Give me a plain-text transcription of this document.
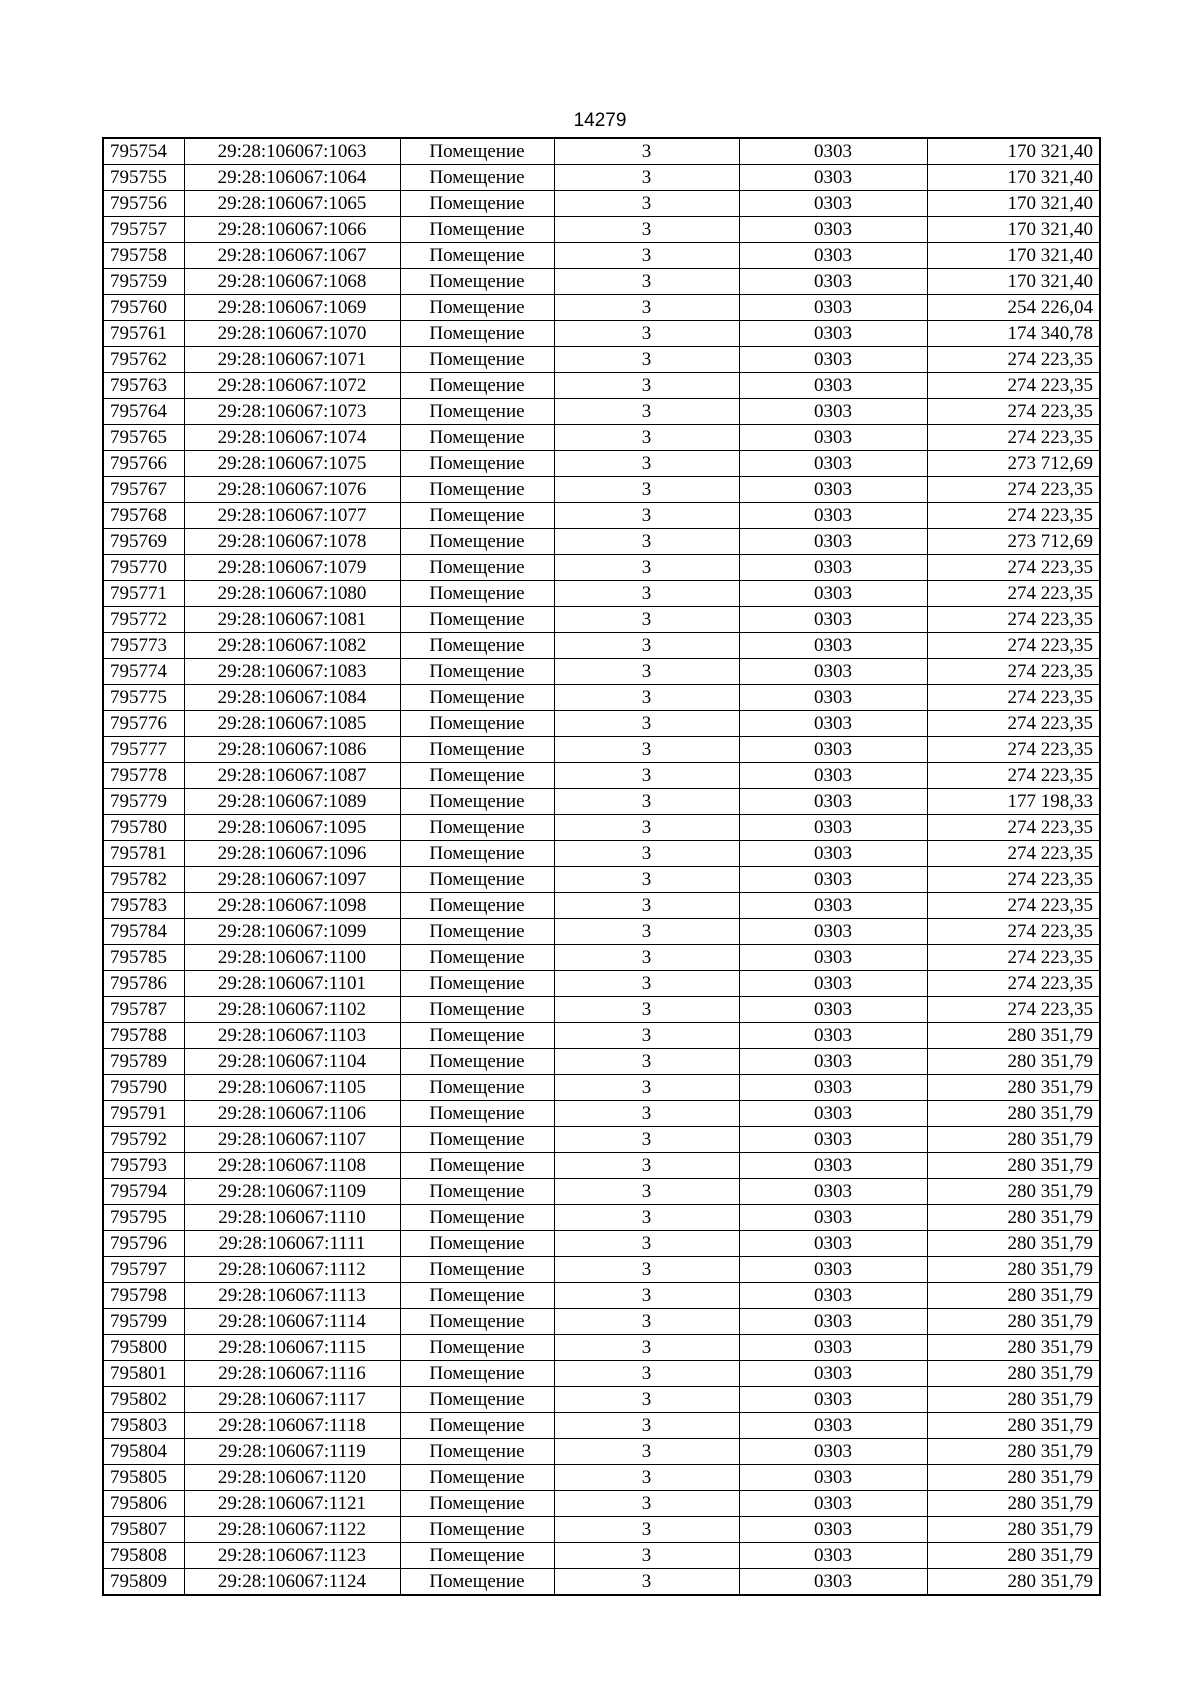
14279
795754	29:28:106067:1063	Помещение	3	0303	170 321,40
795755	29:28:106067:1064	Помещение	3	0303	170 321,40
795756	29:28:106067:1065	Помещение	3	0303	170 321,40
795757	29:28:106067:1066	Помещение	3	0303	170 321,40
795758	29:28:106067:1067	Помещение	3	0303	170 321,40
795759	29:28:106067:1068	Помещение	3	0303	170 321,40
795760	29:28:106067:1069	Помещение	3	0303	254 226,04
795761	29:28:106067:1070	Помещение	3	0303	174 340,78
795762	29:28:106067:1071	Помещение	3	0303	274 223,35
795763	29:28:106067:1072	Помещение	3	0303	274 223,35
795764	29:28:106067:1073	Помещение	3	0303	274 223,35
795765	29:28:106067:1074	Помещение	3	0303	274 223,35
795766	29:28:106067:1075	Помещение	3	0303	273 712,69
795767	29:28:106067:1076	Помещение	3	0303	274 223,35
795768	29:28:106067:1077	Помещение	3	0303	274 223,35
795769	29:28:106067:1078	Помещение	3	0303	273 712,69
795770	29:28:106067:1079	Помещение	3	0303	274 223,35
795771	29:28:106067:1080	Помещение	3	0303	274 223,35
795772	29:28:106067:1081	Помещение	3	0303	274 223,35
795773	29:28:106067:1082	Помещение	3	0303	274 223,35
795774	29:28:106067:1083	Помещение	3	0303	274 223,35
795775	29:28:106067:1084	Помещение	3	0303	274 223,35
795776	29:28:106067:1085	Помещение	3	0303	274 223,35
795777	29:28:106067:1086	Помещение	3	0303	274 223,35
795778	29:28:106067:1087	Помещение	3	0303	274 223,35
795779	29:28:106067:1089	Помещение	3	0303	177 198,33
795780	29:28:106067:1095	Помещение	3	0303	274 223,35
795781	29:28:106067:1096	Помещение	3	0303	274 223,35
795782	29:28:106067:1097	Помещение	3	0303	274 223,35
795783	29:28:106067:1098	Помещение	3	0303	274 223,35
795784	29:28:106067:1099	Помещение	3	0303	274 223,35
795785	29:28:106067:1100	Помещение	3	0303	274 223,35
795786	29:28:106067:1101	Помещение	3	0303	274 223,35
795787	29:28:106067:1102	Помещение	3	0303	274 223,35
795788	29:28:106067:1103	Помещение	3	0303	280 351,79
795789	29:28:106067:1104	Помещение	3	0303	280 351,79
795790	29:28:106067:1105	Помещение	3	0303	280 351,79
795791	29:28:106067:1106	Помещение	3	0303	280 351,79
795792	29:28:106067:1107	Помещение	3	0303	280 351,79
795793	29:28:106067:1108	Помещение	3	0303	280 351,79
795794	29:28:106067:1109	Помещение	3	0303	280 351,79
795795	29:28:106067:1110	Помещение	3	0303	280 351,79
795796	29:28:106067:1111	Помещение	3	0303	280 351,79
795797	29:28:106067:1112	Помещение	3	0303	280 351,79
795798	29:28:106067:1113	Помещение	3	0303	280 351,79
795799	29:28:106067:1114	Помещение	3	0303	280 351,79
795800	29:28:106067:1115	Помещение	3	0303	280 351,79
795801	29:28:106067:1116	Помещение	3	0303	280 351,79
795802	29:28:106067:1117	Помещение	3	0303	280 351,79
795803	29:28:106067:1118	Помещение	3	0303	280 351,79
795804	29:28:106067:1119	Помещение	3	0303	280 351,79
795805	29:28:106067:1120	Помещение	3	0303	280 351,79
795806	29:28:106067:1121	Помещение	3	0303	280 351,79
795807	29:28:106067:1122	Помещение	3	0303	280 351,79
795808	29:28:106067:1123	Помещение	3	0303	280 351,79
795809	29:28:106067:1124	Помещение	3	0303	280 351,79
